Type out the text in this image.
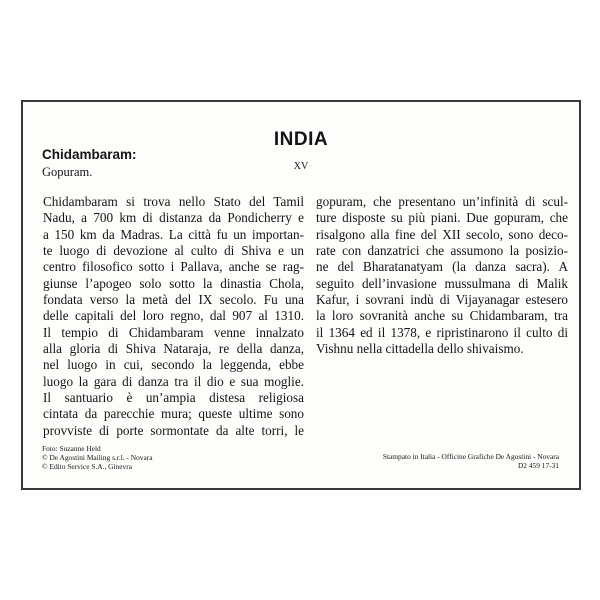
INDIA

XV

Chidambaram:

Gopuram.

Chidambaram si trova nello Stato del Tamil
Nadu, a 700 km di distanza da Pondicherry e
a 150 km da Madras. La città fu un importan-
te luogo di devozione al culto di Shiva e un
centro filosofico sotto i Pallava, anche se rag-
giunse l’apogeo solo sotto la dinastia Chola,
fondata verso la metà del IX secolo. Fu una
delle capitali del loro regno, dal 907 al 1310.
Il tempio di Chidambaram venne innalzato
alla gloria di Shiva Nataraja, re della danza,
nel luogo in cui, secondo la leggenda, ebbe
luogo la gara di danza tra il dio e sua moglie.
Il santuario è un’ampia distesa religiosa
cintata da parecchie mura; queste ultime sono
provviste di porte sormontate da alte torri, le
gopuram, che presentano un’infinità di scul-
ture disposte su più piani. Due gopuram, che
risalgono alla fine del XII secolo, sono deco-
rate con danzatrici che assumono la posizio-
ne del Bharatanatyam (la danza sacra). A
seguito dell’invasione mussulmana di Malik
Kafur, i sovrani indù di Vijayanagar estesero
la loro sovranità anche su Chidambaram, tra
il 1364 ed il 1378, e ripristinarono il culto di
Vishnu nella cittadella dello shivaismo.
Foto: Suzanne Held
© De Agostini Mailing s.r.l. - Novara
© Edito Service S.A., Ginevra
Stampato in Italia - Officine Grafiche De Agostini - Novara
D2 459 17-31
